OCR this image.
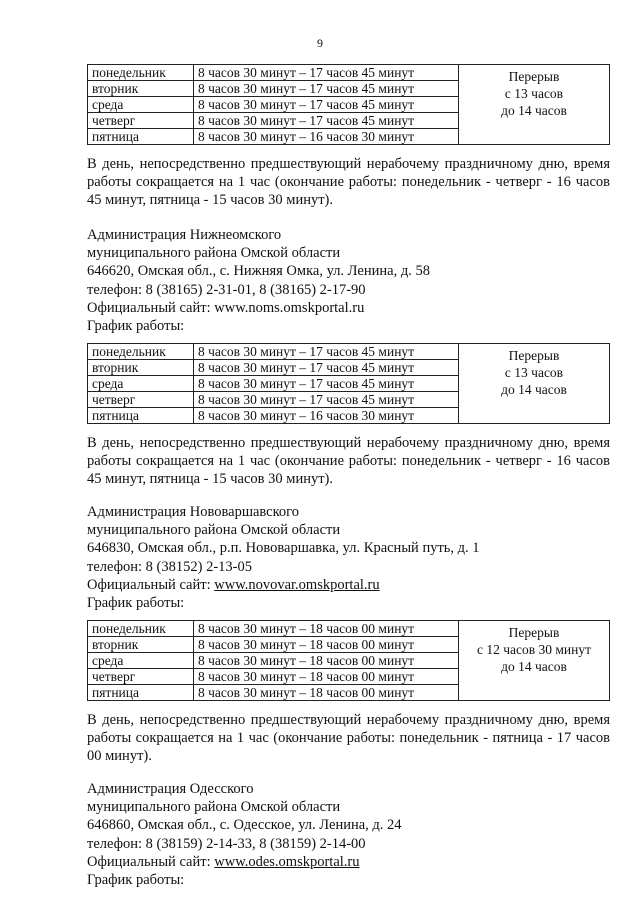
9
понедельник	8 часов 30 минут – 17 часов 45 минут	Перерыв
с 13 часов
до 14 часов
вторник	8 часов 30 минут – 17 часов 45 минут	
среда	8 часов 30 минут – 17 часов 45 минут	
четверг	8 часов 30 минут – 17 часов 45 минут	
пятница	8 часов 30 минут – 16 часов 30 минут	
В день, непосредственно предшествующий нерабочему праздничному дню, время работы сокращается на 1 час (окончание работы: понедельник - четверг - 16 часов 45 минут, пятница - 15 часов 30 минут).
Администрация Нижнеомского
муниципального района Омской области
646620, Омская обл., с. Нижняя Омка, ул. Ленина, д. 58
телефон: 8 (38165) 2-31-01, 8 (38165) 2-17-90
Официальный сайт: www.noms.omskportal.ru
График работы:
понедельник	8 часов 30 минут – 17 часов 45 минут	Перерыв
с 13 часов
до 14 часов
вторник	8 часов 30 минут – 17 часов 45 минут	
среда	8 часов 30 минут – 17 часов 45 минут	
четверг	8 часов 30 минут – 17 часов 45 минут	
пятница	8 часов 30 минут – 16 часов 30 минут	
В день, непосредственно предшествующий нерабочему праздничному дню, время работы сокращается на 1 час (окончание работы: понедельник - четверг - 16 часов 45 минут, пятница - 15 часов 30 минут).
Администрация Нововаршавского
муниципального района Омской области
646830, Омская обл., р.п. Нововаршавка, ул. Красный путь, д. 1
телефон: 8 (38152) 2-13-05
Официальный сайт: www.novovar.omskportal.ru
График работы:
понедельник	8 часов 30 минут – 18 часов 00 минут	Перерыв
с 12 часов 30 минут
до 14 часов
вторник	8 часов 30 минут – 18 часов 00 минут	
среда	8 часов 30 минут – 18 часов 00 минут	
четверг	8 часов 30 минут – 18 часов 00 минут	
пятница	8 часов 30 минут – 18 часов 00 минут	
В день, непосредственно предшествующий нерабочему праздничному дню, время работы сокращается на 1 час (окончание работы: понедельник - пятница - 17 часов 00 минут).
Администрация Одесского
муниципального района Омской области
646860, Омская обл., с. Одесское, ул. Ленина, д. 24
телефон: 8 (38159) 2-14-33, 8 (38159) 2-14-00
Официальный сайт: www.odes.omskportal.ru
График работы:
